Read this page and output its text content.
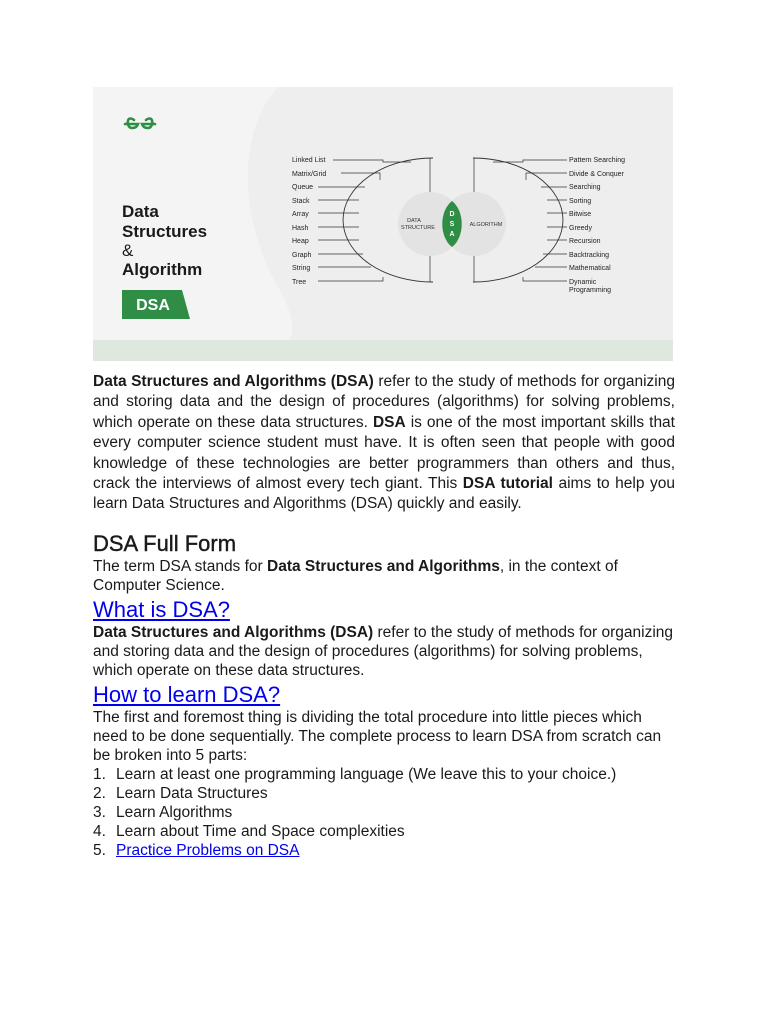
Data
Structures
&
Algorithm
DSA
DATA
STRUCTURE	ALGORITHM
D
S
A
Linked List
Matrix/Grid
Queue
Stack
Array
Hash
Heap
Graph
String
Tree
Pattern Searching
Divide & Conquer
Searching
Sorting
Bitwise
Greedy
Recursion
Backtracking
Mathematical
Dynamic
Programming

Data Structures and Algorithms (DSA) refer to the study of methods for organizing and storing data and the design of procedures (algorithms) for solving problems, which operate on these data structures. DSA is one of the most important skills that every computer science student must have. It is often seen that people with good knowledge of these technologies are better programmers than others and thus, crack the interviews of almost every tech giant. This DSA tutorial aims to help you learn Data Structures and Algorithms (DSA) quickly and easily.

DSA Full Form

The term DSA stands for Data Structures and Algorithms, in the context of Computer Science.

What is DSA?

Data Structures and Algorithms (DSA) refer to the study of methods for organizing and storing data and the design of procedures (algorithms) for solving problems, which operate on these data structures.

How to learn DSA?

The first and foremost thing is dividing the total procedure into little pieces which need to be done sequentially. The complete process to learn DSA from scratch can be broken into 5 parts:

1. Learn at least one programming language (We leave this to your choice.)
2. Learn Data Structures
3. Learn Algorithms
4. Learn about Time and Space complexities
5. Practice Problems on DSA
